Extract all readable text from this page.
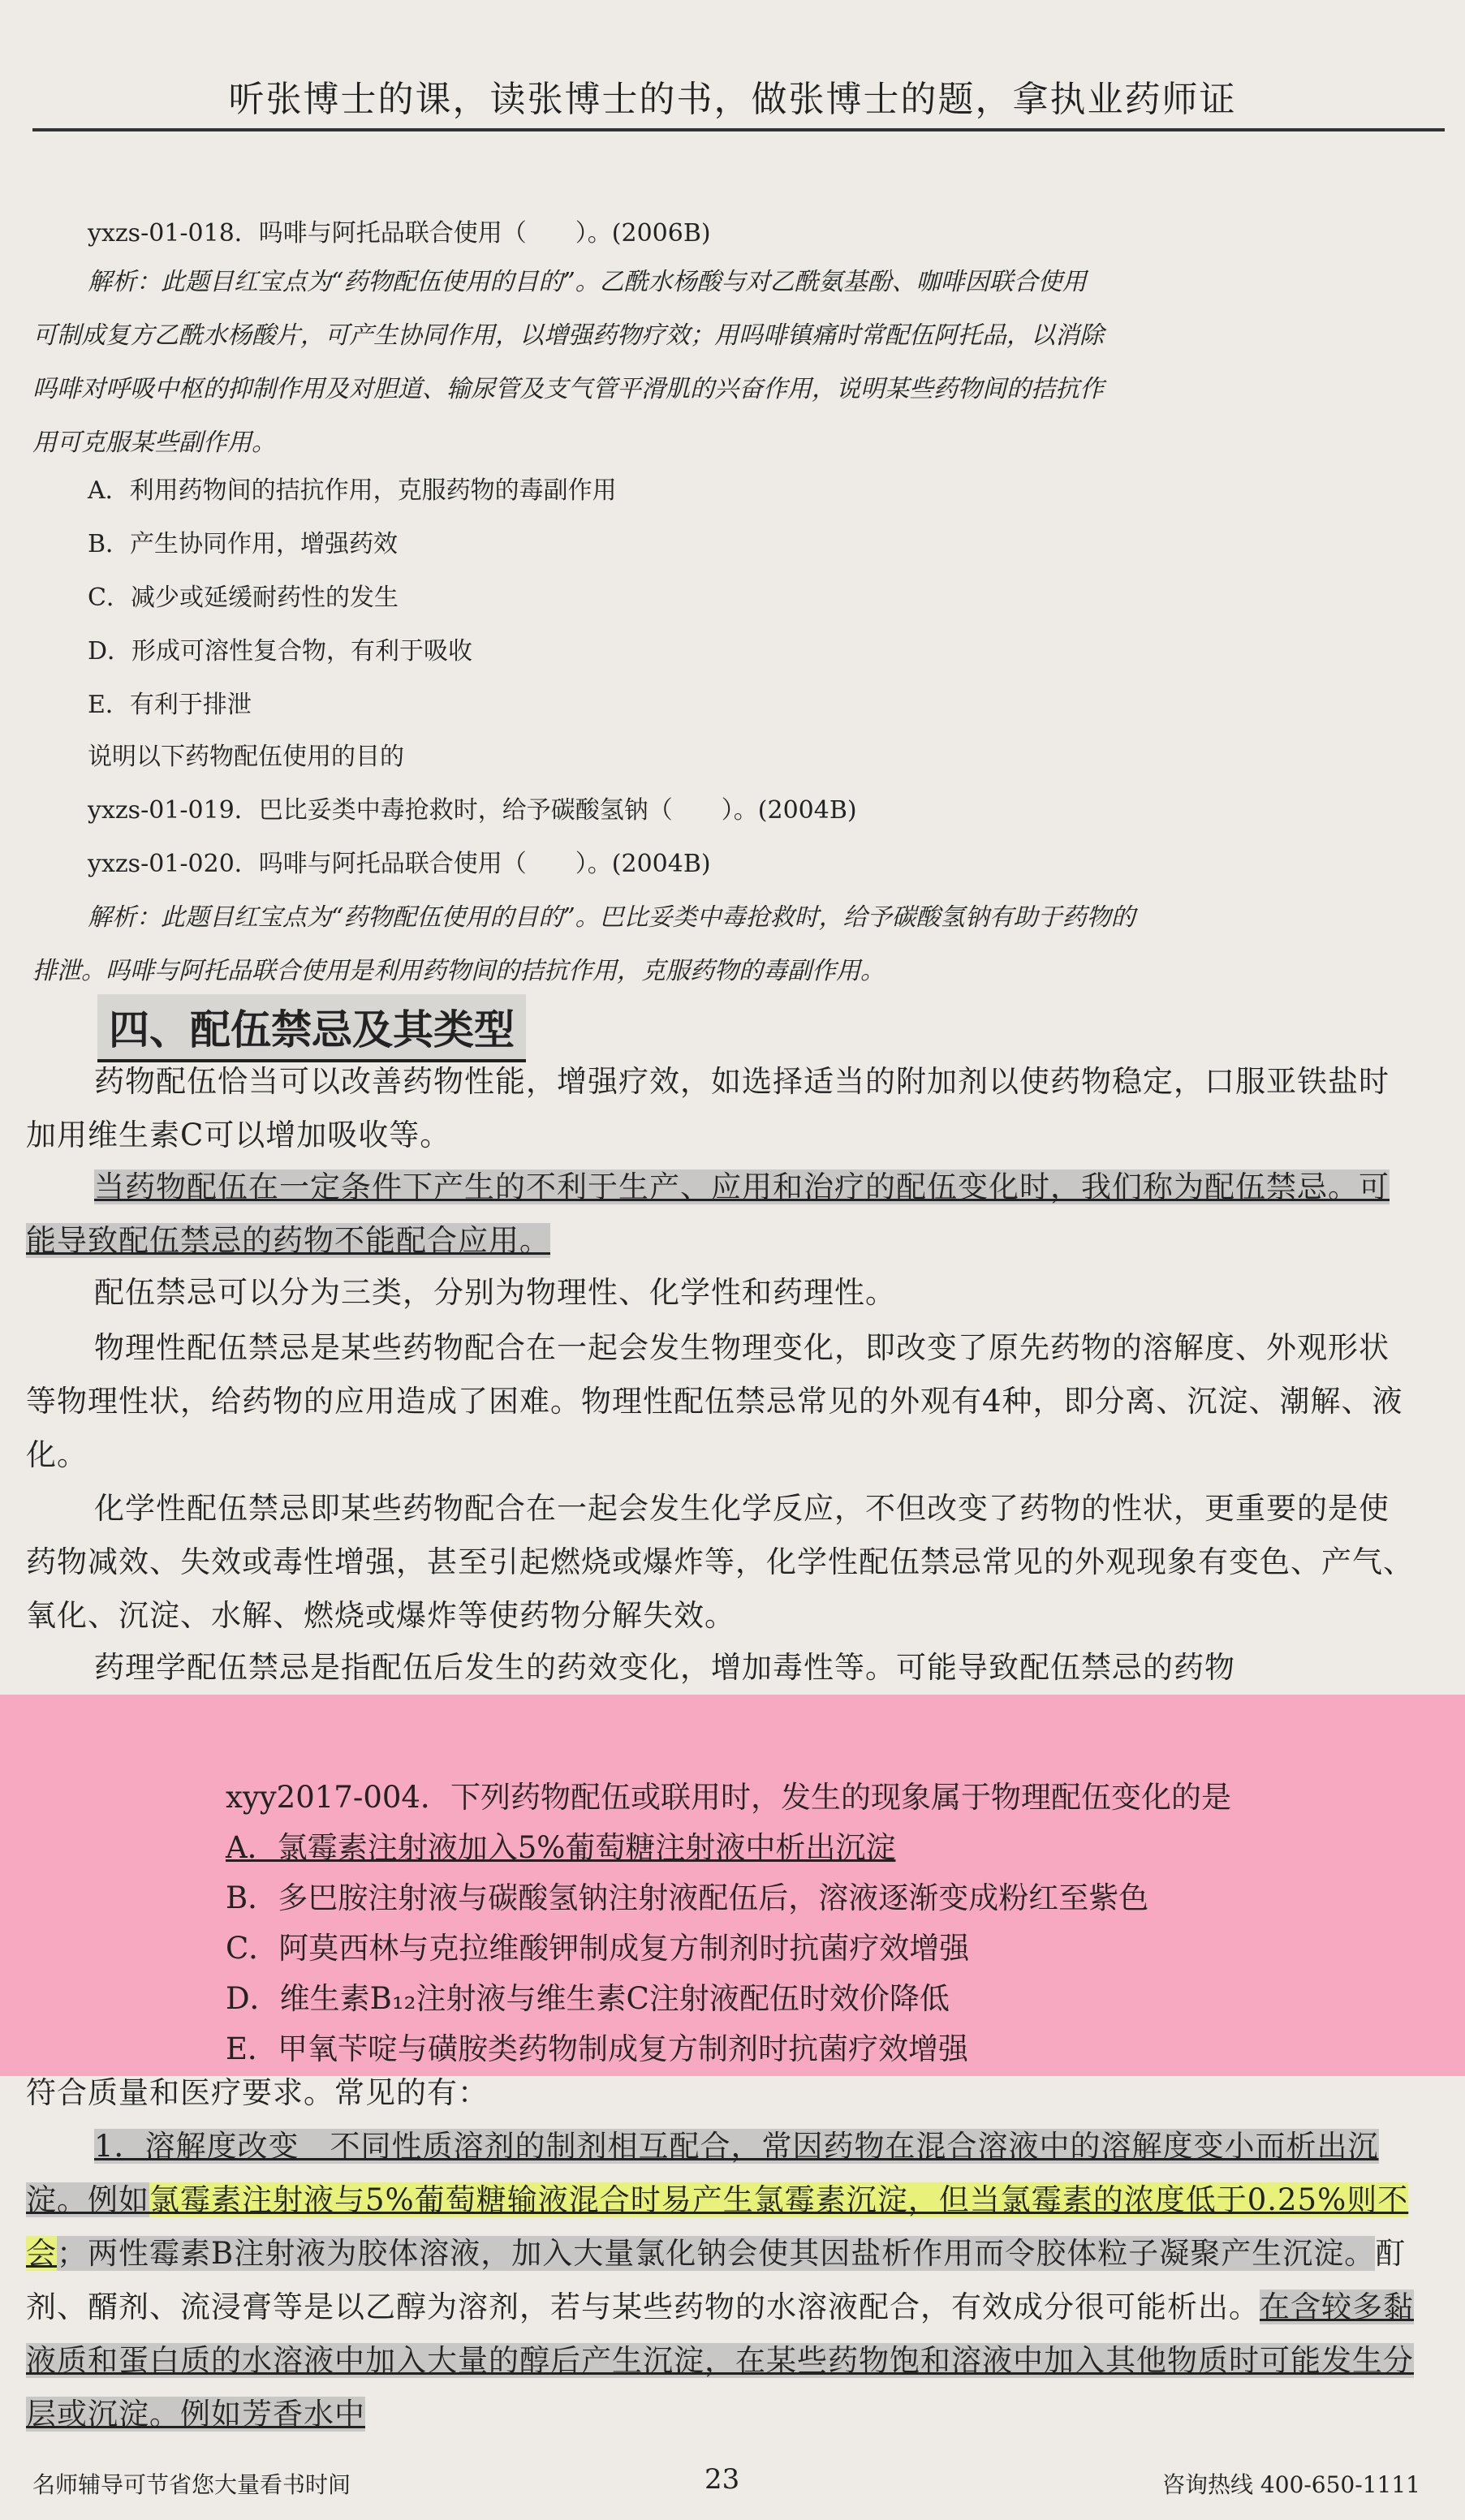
听张博士的课，读张博士的书，做张博士的题，拿执业药师证
yxzs-01-018．吗啡与阿托品联合使用（　　）。(2006B)
解析：此题目红宝点为“药物配伍使用的目的”。乙酰水杨酸与对乙酰氨基酚、咖啡因联合使用
可制成复方乙酰水杨酸片，可产生协同作用，以增强药物疗效；用吗啡镇痛时常配伍阿托品，以消除
吗啡对呼吸中枢的抑制作用及对胆道、输尿管及支气管平滑肌的兴奋作用，说明某些药物间的拮抗作
用可克服某些副作用。
A．利用药物间的拮抗作用，克服药物的毒副作用
B．产生协同作用，增强药效
C．减少或延缓耐药性的发生
D．形成可溶性复合物，有利于吸收
E．有利于排泄
说明以下药物配伍使用的目的
yxzs-01-019．巴比妥类中毒抢救时，给予碳酸氢钠（　　）。(2004B)
yxzs-01-020．吗啡与阿托品联合使用（　　）。(2004B)
解析：此题目红宝点为“药物配伍使用的目的”。巴比妥类中毒抢救时，给予碳酸氢钠有助于药物的
排泄。吗啡与阿托品联合使用是利用药物间的拮抗作用，克服药物的毒副作用。
四、配伍禁忌及其类型
药物配伍恰当可以改善药物性能，增强疗效，如选择适当的附加剂以使药物稳定，口服亚铁盐时加用维生素C可以增加吸收等。
当药物配伍在一定条件下产生的不利于生产、应用和治疗的配伍变化时，我们称为配伍禁忌。可能导致配伍禁忌的药物不能配合应用。
配伍禁忌可以分为三类，分别为物理性、化学性和药理性。
物理性配伍禁忌是某些药物配合在一起会发生物理变化，即改变了原先药物的溶解度、外观形状等物理性状，给药物的应用造成了困难。物理性配伍禁忌常见的外观有4种，即分离、沉淀、潮解、液化。
化学性配伍禁忌即某些药物配合在一起会发生化学反应，不但改变了药物的性状，更重要的是使药物减效、失效或毒性增强，甚至引起燃烧或爆炸等，化学性配伍禁忌常见的外观现象有变色、产气、氧化、沉淀、水解、燃烧或爆炸等使药物分解失效。
药理学配伍禁忌是指配伍后发生的药效变化，增加毒性等。可能导致配伍禁忌的药物
xyy2017-004．下列药物配伍或联用时，发生的现象属于物理配伍变化的是
A．氯霉素注射液加入5%葡萄糖注射液中析出沉淀
B．多巴胺注射液与碳酸氢钠注射液配伍后，溶液逐渐变成粉红至紫色
C．阿莫西林与克拉维酸钾制成复方制剂时抗菌疗效增强
D．维生素B₁₂注射液与维生素C注射液配伍时效价降低
E．甲氧苄啶与磺胺类药物制成复方制剂时抗菌疗效增强
符合质量和医疗要求。常见的有：
1．溶解度改变　不同性质溶剂的制剂相互配合，常因药物在混合溶液中的溶解度变小而析出沉淀。例如氯霉素注射液与5%葡萄糖输液混合时易产生氯霉素沉淀，但当氯霉素的浓度低于0.25%则不会；两性霉素B注射液为胶体溶液，加入大量氯化钠会使其因盐析作用而令胶体粒子凝聚产生沉淀。酊剂、醑剂、流浸膏等是以乙醇为溶剂，若与某些药物的水溶液配合，有效成分很可能析出。在含较多黏液质和蛋白质的水溶液中加入大量的醇后产生沉淀，在某些药物饱和溶液中加入其他物质时可能发生分层或沉淀。例如芳香水中
名师辅导可节省您大量看书时间	23	咨询热线 400-650-1111
